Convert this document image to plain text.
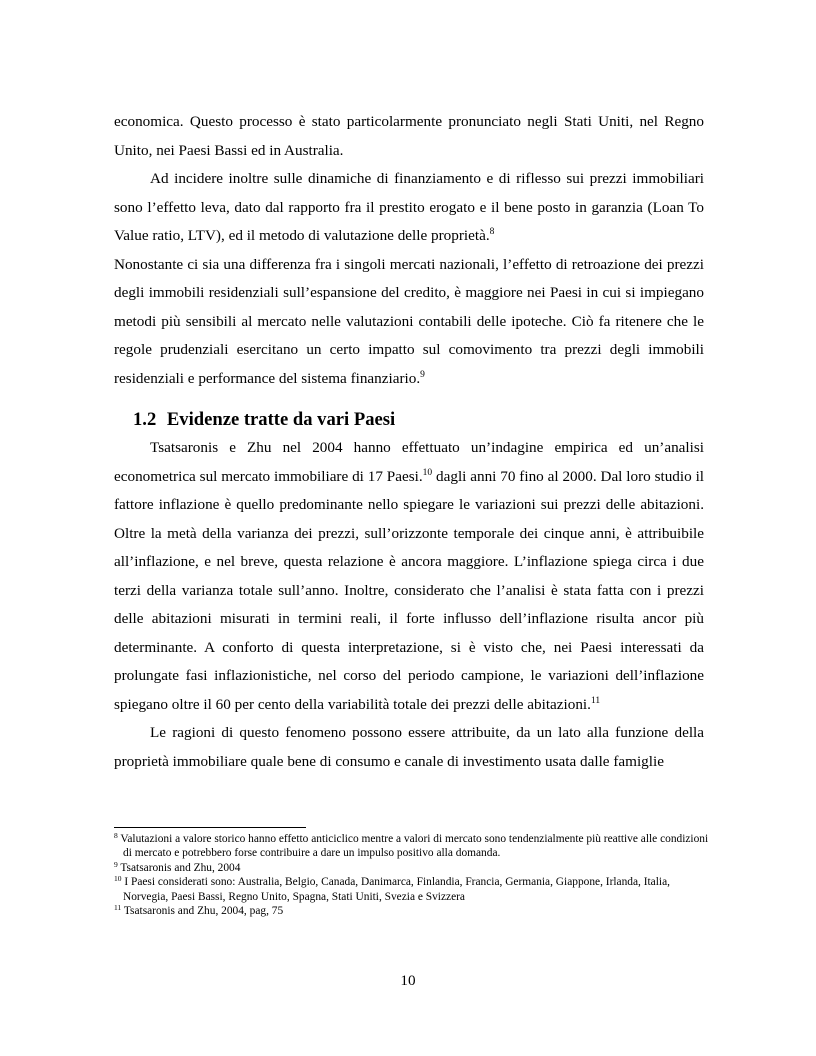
economica. Questo processo è stato particolarmente pronunciato negli Stati Uniti, nel Regno Unito, nei Paesi Bassi ed in Australia.

Ad incidere inoltre sulle dinamiche di finanziamento e di riflesso sui prezzi immobiliari sono l’effetto leva, dato dal rapporto fra il prestito erogato e il bene posto in garanzia (Loan To Value ratio, LTV), ed il metodo di valutazione delle proprietà.$^8$

Nonostante ci sia una differenza fra i singoli mercati nazionali, l’effetto di retroazione dei prezzi degli immobili residenziali sull’espansione del credito, è maggiore nei Paesi in cui si impiegano metodi più sensibili al mercato nelle valutazioni contabili delle ipoteche. Ciò fa ritenere che le regole prudenziali esercitano un certo impatto sul comovimento tra prezzi degli immobili residenziali e performance del sistema finanziario.$^9$

1.2 Evidenze tratte da vari Paesi

Tsatsaronis e Zhu nel 2004 hanno effettuato un’indagine empirica ed un’analisi econometrica sul mercato immobiliare di 17 Paesi.$^{10}$ dagli anni 70 fino al 2000. Dal loro studio il fattore inflazione è quello predominante nello spiegare le variazioni sui prezzi delle abitazioni. Oltre la metà della varianza dei prezzi, sull’orizzonte temporale dei cinque anni, è attribuibile all’inflazione, e nel breve, questa relazione è ancora maggiore. L’inflazione spiega circa i due terzi della varianza totale sull’anno. Inoltre, considerato che l’analisi è stata fatta con i prezzi delle abitazioni misurati in termini reali, il forte influsso dell’inflazione risulta ancor più determinante. A conforto di questa interpretazione, si è visto che, nei Paesi interessati da prolungate fasi inflazionistiche, nel corso del periodo campione, le variazioni dell’inflazione spiegano oltre il 60 per cento della variabilità totale dei prezzi delle abitazioni.$^{11}$

Le ragioni di questo fenomeno possono essere attribuite, da un lato alla funzione della proprietà immobiliare quale bene di consumo e canale di investimento usata dalle famiglie

$^8$ Valutazioni a valore storico hanno effetto anticiclico mentre a valori di mercato sono tendenzialmente più reattive alle condizioni di mercato e potrebbero forse contribuire a dare un impulso positivo alla domanda.

$^9$ Tsatsaronis and Zhu, 2004

$^{10}$ I Paesi considerati sono: Australia, Belgio, Canada, Danimarca, Finlandia, Francia, Germania, Giappone, Irlanda, Italia, Norvegia, Paesi Bassi, Regno Unito, Spagna, Stati Uniti, Svezia e Svizzera

$^{11}$ Tsatsaronis and Zhu, 2004, pag, 75

10
